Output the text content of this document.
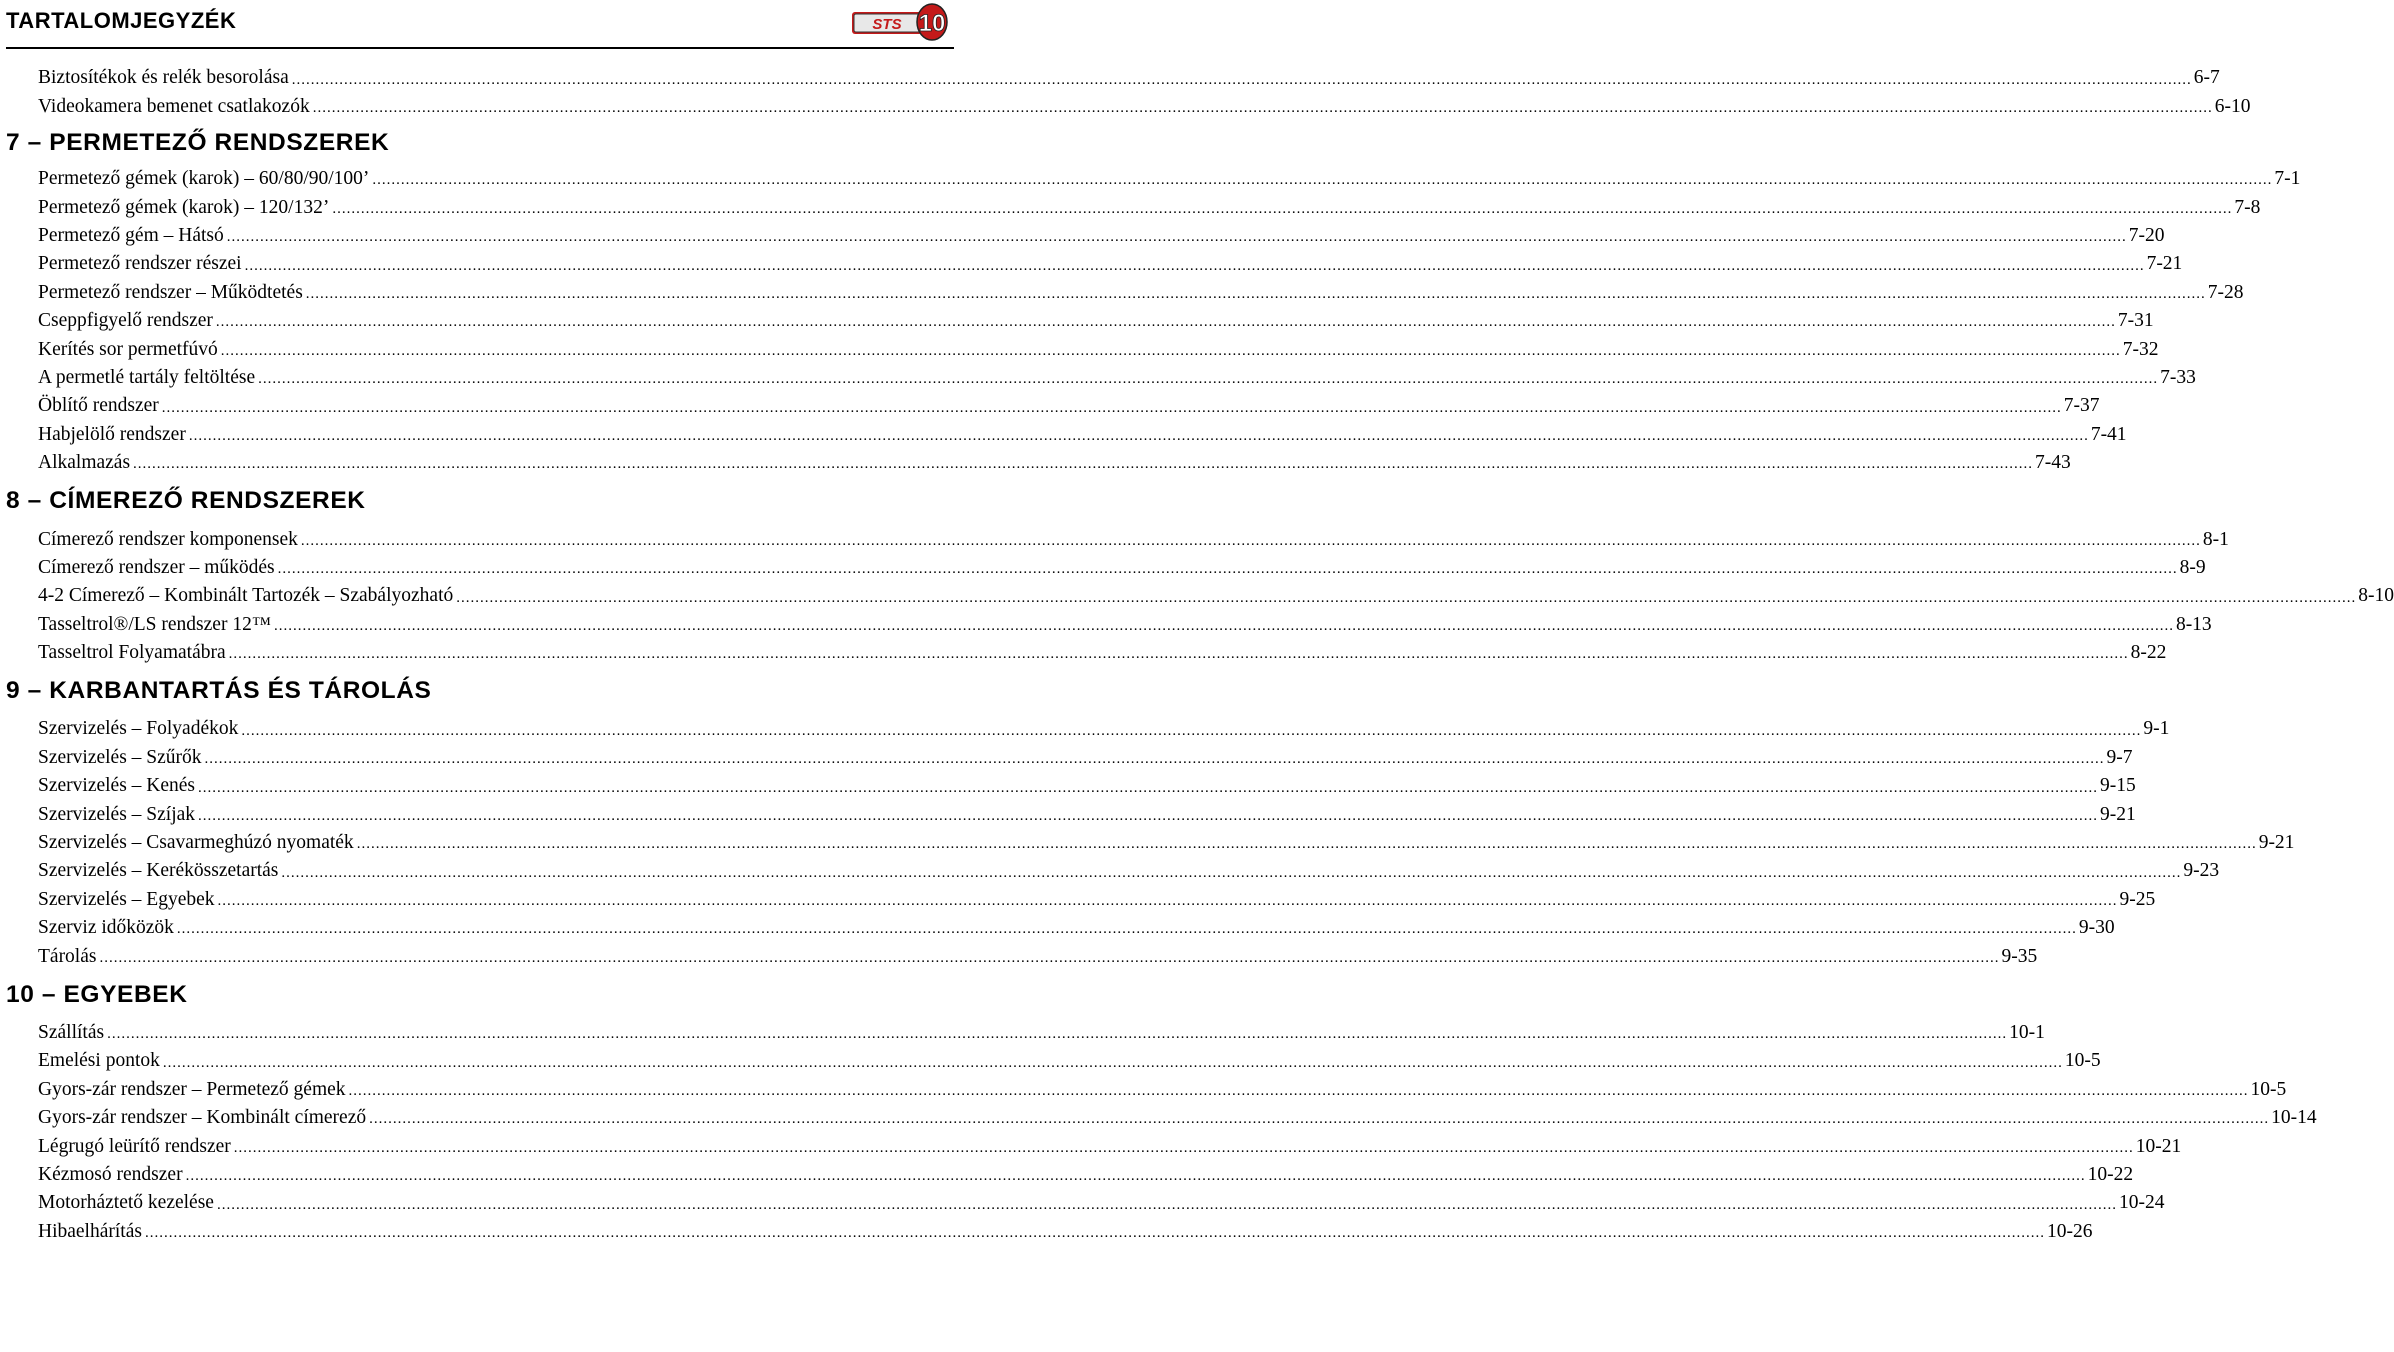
TARTALOMJEGYZÉK	STS 10
Biztosítékok és relék besorolása ................................................................................................................................................................................................................................................................................................................................................................................................................ 6-7
Videokamera bemenet csatlakozók ................................................................................................................................................................................................................................................................................................................................................................................................................ 6-10
7 – PERMETEZŐ RENDSZEREK
Permetező gémek (karok) – 60/80/90/100’ ................................................................................................................................................................................................................................................................................................................................................................................................................ 7-1
Permetező gémek (karok) – 120/132’ ................................................................................................................................................................................................................................................................................................................................................................................................................ 7-8
Permetező gém – Hátsó ................................................................................................................................................................................................................................................................................................................................................................................................................ 7-20
Permetező rendszer részei ................................................................................................................................................................................................................................................................................................................................................................................................................ 7-21
Permetező rendszer – Működtetés ................................................................................................................................................................................................................................................................................................................................................................................................................ 7-28
Cseppfigyelő rendszer ................................................................................................................................................................................................................................................................................................................................................................................................................ 7-31
Kerítés sor permetfúvó ................................................................................................................................................................................................................................................................................................................................................................................................................ 7-32
A permetlé tartály feltöltése ................................................................................................................................................................................................................................................................................................................................................................................................................ 7-33
Öblítő rendszer ................................................................................................................................................................................................................................................................................................................................................................................................................ 7-37
Habjelölő rendszer ................................................................................................................................................................................................................................................................................................................................................................................................................ 7-41
Alkalmazás ................................................................................................................................................................................................................................................................................................................................................................................................................ 7-43
8 – CÍMEREZŐ RENDSZEREK
Címerező rendszer komponensek ................................................................................................................................................................................................................................................................................................................................................................................................................ 8-1
Címerező rendszer – működés ................................................................................................................................................................................................................................................................................................................................................................................................................ 8-9
4-2 Címerező – Kombinált Tartozék – Szabályozható ................................................................................................................................................................................................................................................................................................................................................................................................................ 8-10
Tasseltrol®/LS rendszer 12™ ................................................................................................................................................................................................................................................................................................................................................................................................................ 8-13
Tasseltrol Folyamatábra ................................................................................................................................................................................................................................................................................................................................................................................................................ 8-22
9 – KARBANTARTÁS ÉS TÁROLÁS
Szervizelés – Folyadékok ................................................................................................................................................................................................................................................................................................................................................................................................................ 9-1
Szervizelés – Szűrők ................................................................................................................................................................................................................................................................................................................................................................................................................ 9-7
Szervizelés – Kenés ................................................................................................................................................................................................................................................................................................................................................................................................................ 9-15
Szervizelés – Szíjak ................................................................................................................................................................................................................................................................................................................................................................................................................ 9-21
Szervizelés – Csavarmeghúzó nyomaték ................................................................................................................................................................................................................................................................................................................................................................................................................ 9-21
Szervizelés – Kerékösszetartás ................................................................................................................................................................................................................................................................................................................................................................................................................ 9-23
Szervizelés – Egyebek ................................................................................................................................................................................................................................................................................................................................................................................................................ 9-25
Szerviz időközök ................................................................................................................................................................................................................................................................................................................................................................................................................ 9-30
Tárolás ................................................................................................................................................................................................................................................................................................................................................................................................................ 9-35
10 – EGYEBEK
Szállítás ................................................................................................................................................................................................................................................................................................................................................................................................................ 10-1
Emelési pontok ................................................................................................................................................................................................................................................................................................................................................................................................................ 10-5
Gyors-zár rendszer – Permetező gémek ................................................................................................................................................................................................................................................................................................................................................................................................................ 10-5
Gyors-zár rendszer – Kombinált címerező ................................................................................................................................................................................................................................................................................................................................................................................................................ 10-14
Légrugó leürítő rendszer ................................................................................................................................................................................................................................................................................................................................................................................................................ 10-21
Kézmosó rendszer ................................................................................................................................................................................................................................................................................................................................................................................................................ 10-22
Motorháztető kezelése ................................................................................................................................................................................................................................................................................................................................................................................................................ 10-24
Hibaelhárítás ................................................................................................................................................................................................................................................................................................................................................................................................................ 10-26
